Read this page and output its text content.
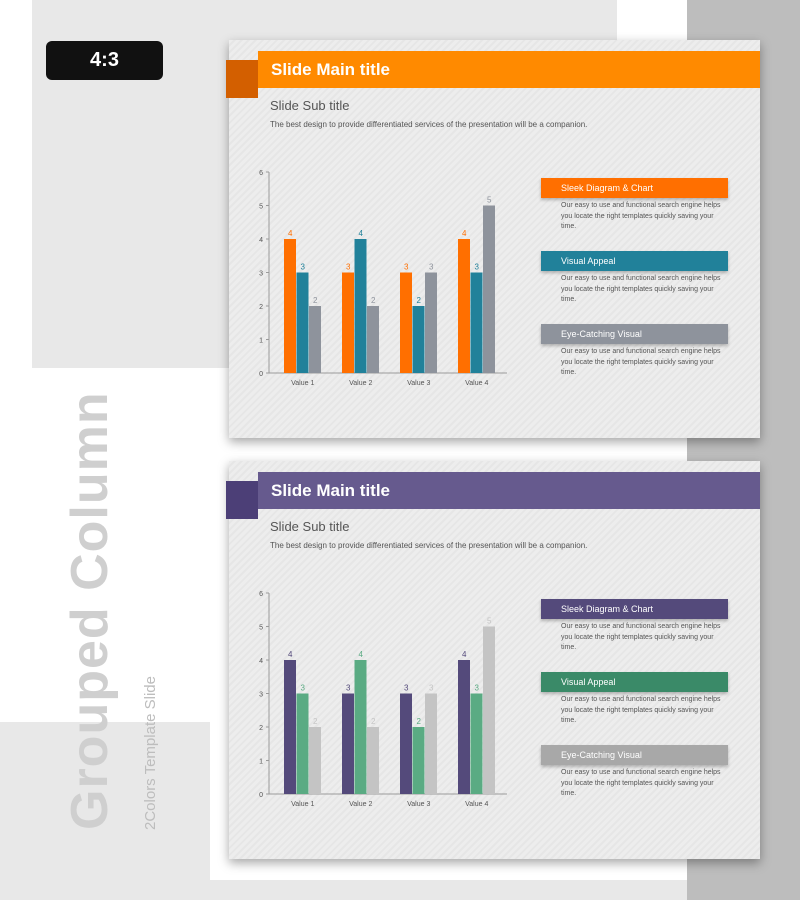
4:3
Grouped Column 2Colors Template Slide
Slide Main title
Slide Sub title
The best design to provide differentiated services of the presentation will be a companion.
0
1
2
3
4
5
6
4
3
2
Value 1
3
4
2
Value 2
3
2
3
Value 3
4
3
5
Value 4
Sleek Diagram & Chart
Our easy to use and functional search engine helps you locate the right templates quickly saving your time.
Visual Appeal
Our easy to use and functional search engine helps you locate the right templates quickly saving your time.
Eye-Catching Visual
Our easy to use and functional search engine helps you locate the right templates quickly saving your time.
Slide Main title
Slide Sub title
The best design to provide differentiated services of the presentation will be a companion.
0
1
2
3
4
5
6
4
3
2
Value 1
3
4
2
Value 2
3
2
3
Value 3
4
3
5
Value 4
Sleek Diagram & Chart
Our easy to use and functional search engine helps you locate the right templates quickly saving your time.
Visual Appeal
Our easy to use and functional search engine helps you locate the right templates quickly saving your time.
Eye-Catching Visual
Our easy to use and functional search engine helps you locate the right templates quickly saving your time.
